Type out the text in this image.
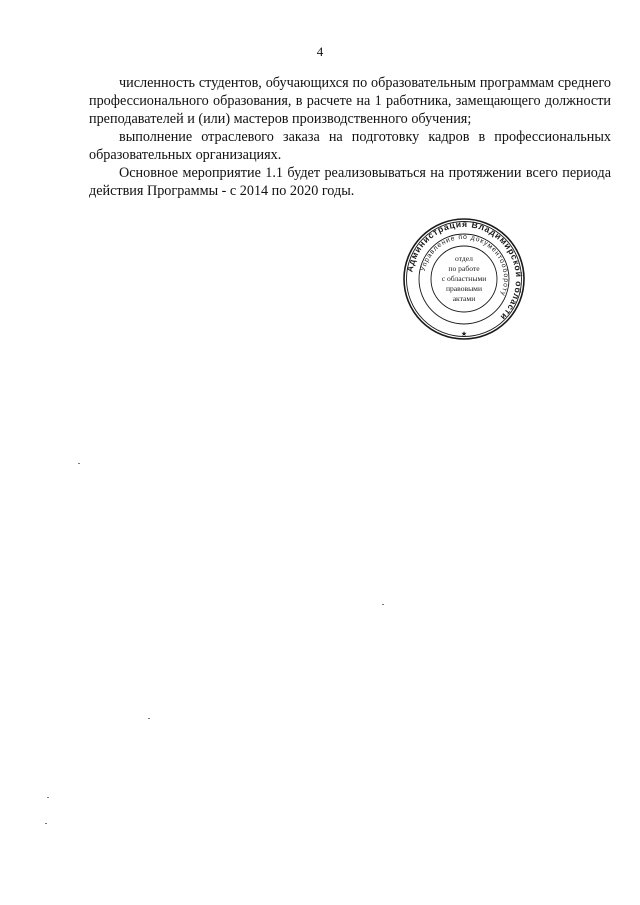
4

численность студентов, обучающихся по образовательным программам среднего профессионального образования, в расчете на 1 работника, замещающего должности преподавателей и (или) мастеров производственного обучения;

выполнение отраслевого заказа на подготовку кадров в профессиональных образовательных организациях.

Основное мероприятие 1.1 будет реализовываться на протяжении всего периода действия Программы - с 2014 по 2020 годы.

Администрация Владимирской области
Управление по документообороту
★
отдел
по работе
с областными
правовыми
актами
